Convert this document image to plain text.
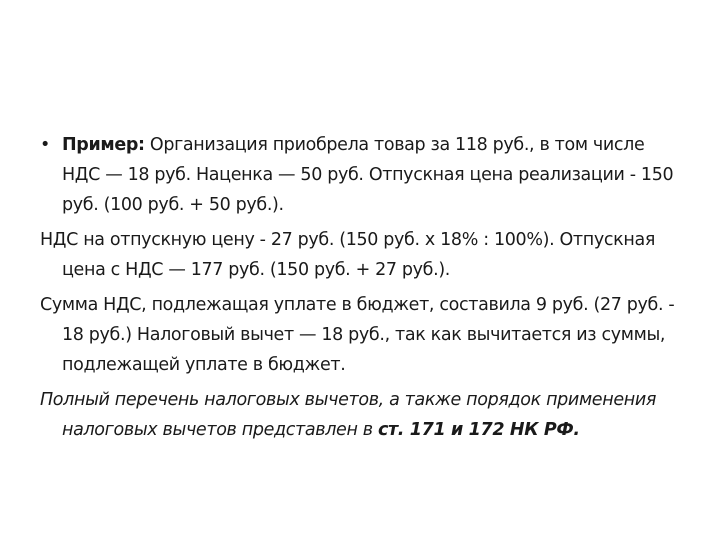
• Пример: Организация приобрела товар за 118 руб., в том числе НДС — 18 руб. Наценка — 50 руб. Отпускная цена реализации - 150 руб. (100 руб. + 50 руб.).

НДС на отпускную цену - 27 руб. (150 руб. х 18% : 100%). Отпускная цена с НДС — 177 руб. (150 руб. + 27 руб.).

Сумма НДС, подлежащая уплате в бюджет, составила 9 руб. (27 руб. - 18 руб.) Налоговый вычет — 18 руб., так как вычитается из суммы, подлежащей уплате в бюджет.

Полный перечень налоговых вычетов, а также порядок применения налоговых вычетов представлен в ст. 171 и 172 НК РФ.
